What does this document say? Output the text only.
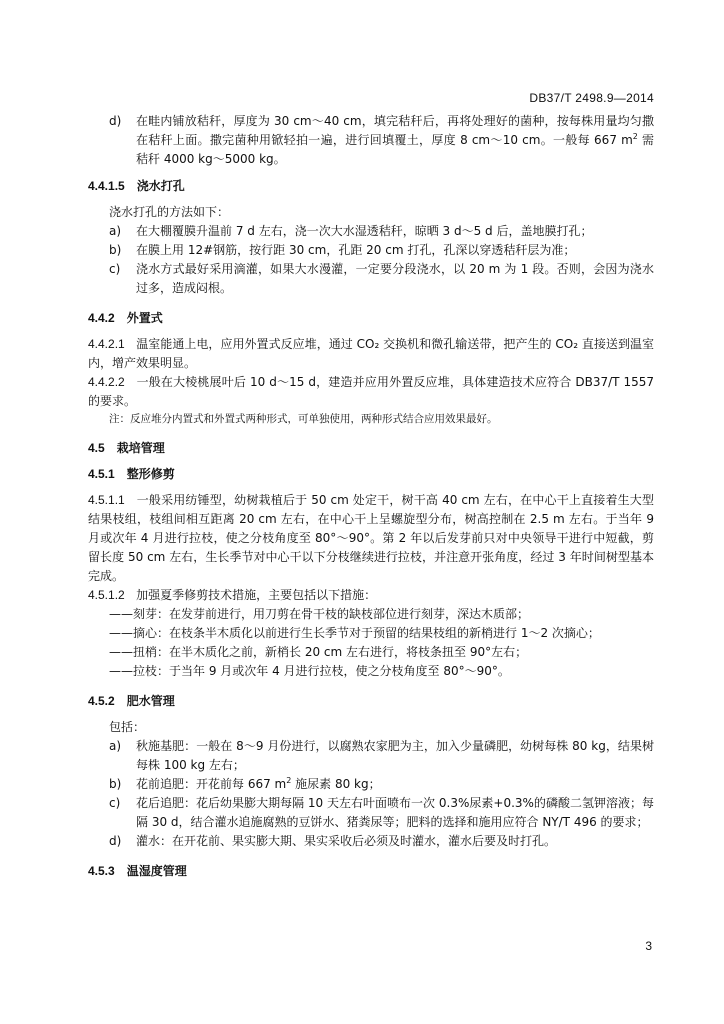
DB37/T 2498.9—2014
d)	在畦内铺放秸秆，厚度为 30 cm～40 cm，填完秸秆后，再将处理好的菌种，按每株用量均匀撒在秸秆上面。撒完菌种用锨轻拍一遍，进行回填覆土，厚度 8 cm～10 cm。一般每 667 $m^2$ 需秸秆 4000 kg～5000 kg。
4.4.1.5 浇水打孔
浇水打孔的方法如下：
a)	在大棚覆膜升温前 7 d 左右，浇一次大水湿透秸秆，晾晒 3 d～5 d 后，盖地膜打孔；
b)	在膜上用 12#钢筋，按行距 30 cm，孔距 20 cm 打孔，孔深以穿透秸秆层为准；
c)	浇水方式最好采用滴灌，如果大水漫灌，一定要分段浇水，以 20 m 为 1 段。否则，会因为浇水过多，造成闷根。
4.4.2 外置式
4.4.2.1 温室能通上电，应用外置式反应堆，通过 CO₂ 交换机和微孔输送带，把产生的 CO₂ 直接送到温室内，增产效果明显。
4.4.2.2 一般在大棱桃展叶后 10 d～15 d，建造并应用外置反应堆，具体建造技术应符合 DB37/T 1557 的要求。
注：反应堆分内置式和外置式两种形式，可单独使用，两种形式结合应用效果最好。
4.5 栽培管理
4.5.1 整形修剪
4.5.1.1 一般采用纺锤型，幼树栽植后于 50 cm 处定干，树干高 40 cm 左右，在中心干上直接着生大型结果枝组，枝组间相互距离 20 cm 左右，在中心干上呈螺旋型分布，树高控制在 2.5 m 左右。于当年 9 月或次年 4 月进行拉枝，使之分枝角度至 80°～90°。第 2 年以后发芽前只对中央领导干进行中短截，剪留长度 50 cm 左右，生长季节对中心干以下分枝继续进行拉枝，并注意开张角度，经过 3 年时间树型基本完成。
4.5.1.2 加强夏季修剪技术措施，主要包括以下措施：
——刻芽：在发芽前进行，用刀剪在骨干枝的缺枝部位进行刻芽，深达木质部；
——摘心：在枝条半木质化以前进行生长季节对于预留的结果枝组的新梢进行 1～2 次摘心；
——扭梢：在半木质化之前，新梢长 20 cm 左右进行，将枝条扭至 90°左右；
——拉枝：于当年 9 月或次年 4 月进行拉枝，使之分枝角度至 80°～90°。
4.5.2 肥水管理
包括：
a)	秋施基肥：一般在 8～9 月份进行，以腐熟农家肥为主，加入少量磷肥，幼树每株 80 kg，结果树每株 100 kg 左右；
b)	花前追肥：开花前每 667 $m^2$ 施尿素 80 kg；
c)	花后追肥：花后幼果膨大期每隔 10 天左右叶面喷布一次 0.3%尿素+0.3%的磷酸二氢钾溶液；每隔 30 d，结合灌水追施腐熟的豆饼水、猪粪尿等；肥料的选择和施用应符合 NY/T 496 的要求；
d)	灌水：在开花前、果实膨大期、果实采收后必须及时灌水，灌水后要及时打孔。
4.5.3 温湿度管理
3
